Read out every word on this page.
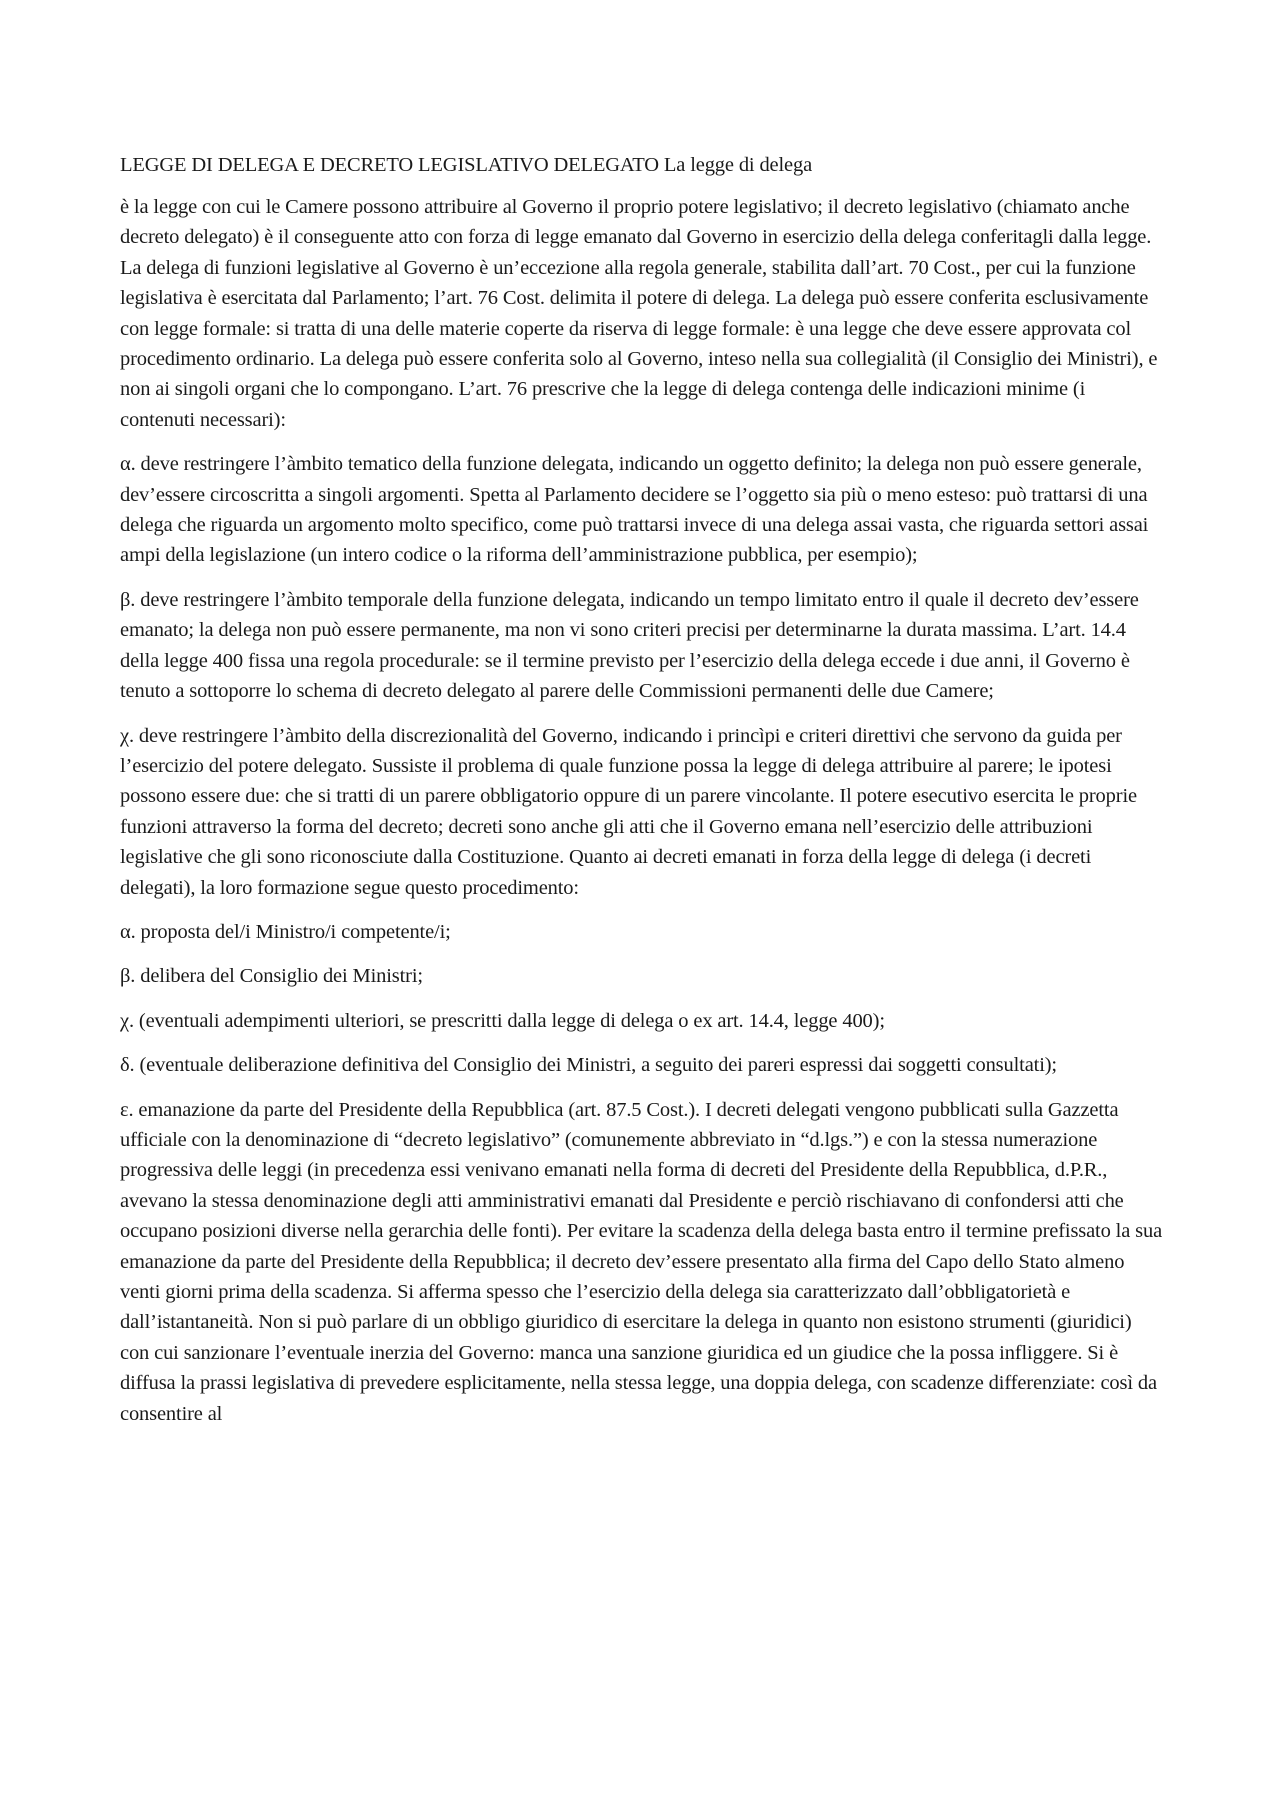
LEGGE DI DELEGA E DECRETO LEGISLATIVO DELEGATO La legge di delega

è la legge con cui le Camere possono attribuire al Governo il proprio potere legislativo; il decreto legislativo (chiamato anche decreto delegato) è il conseguente atto con forza di legge emanato dal Governo in esercizio della delega conferitagli dalla legge. La delega di funzioni legislative al Governo è un’eccezione alla regola generale, stabilita dall’art. 70 Cost., per cui la funzione legislativa è esercitata dal Parlamento; l’art. 76 Cost. delimita il potere di delega. La delega può essere conferita esclusivamente con legge formale: si tratta di una delle materie coperte da riserva di legge formale: è una legge che deve essere approvata col procedimento ordinario. La delega può essere conferita solo al Governo, inteso nella sua collegialità (il Consiglio dei Ministri), e non ai singoli organi che lo compongano. L’art. 76 prescrive che la legge di delega contenga delle indicazioni minime (i contenuti necessari):

α. deve restringere l’àmbito tematico della funzione delegata, indicando un oggetto definito; la delega non può essere generale, dev’essere circoscritta a singoli argomenti. Spetta al Parlamento decidere se l’oggetto sia più o meno esteso: può trattarsi di una delega che riguarda un argomento molto specifico, come può trattarsi invece di una delega assai vasta, che riguarda settori assai ampi della legislazione (un intero codice o la riforma dell’amministrazione pubblica, per esempio);
β. deve restringere l’àmbito temporale della funzione delegata, indicando un tempo limitato entro il quale il decreto dev’essere emanato; la delega non può essere permanente, ma non vi sono criteri precisi per determinarne la durata massima. L’art. 14.4 della legge 400 fissa una regola procedurale: se il termine previsto per l’esercizio della delega eccede i due anni, il Governo è tenuto a sottoporre lo schema di decreto delegato al parere delle Commissioni permanenti delle due Camere;
χ. deve restringere l’àmbito della discrezionalità del Governo, indicando i princìpi e criteri direttivi che servono da guida per l’esercizio del potere delegato. Sussiste il problema di quale funzione possa la legge di delega attribuire al parere; le ipotesi possono essere due: che si tratti di un parere obbligatorio oppure di un parere vincolante. Il potere esecutivo esercita le proprie funzioni attraverso la forma del decreto; decreti sono anche gli atti che il Governo emana nell’esercizio delle attribuzioni legislative che gli sono riconosciute dalla Costituzione. Quanto ai decreti emanati in forza della legge di delega (i decreti delegati), la loro formazione segue questo procedimento:
α. proposta del/i Ministro/i competente/i;
β. delibera del Consiglio dei Ministri;
χ. (eventuali adempimenti ulteriori, se prescritti dalla legge di delega o ex art. 14.4, legge 400);
δ. (eventuale deliberazione definitiva del Consiglio dei Ministri, a seguito dei pareri espressi dai soggetti consultati);
ε. emanazione da parte del Presidente della Repubblica (art. 87.5 Cost.). I decreti delegati vengono pubblicati sulla Gazzetta ufficiale con la denominazione di “decreto legislativo” (comunemente abbreviato in “d.lgs.”) e con la stessa numerazione progressiva delle leggi (in precedenza essi venivano emanati nella forma di decreti del Presidente della Repubblica, d.P.R., avevano la stessa denominazione degli atti amministrativi emanati dal Presidente e perciò rischiavano di confondersi atti che occupano posizioni diverse nella gerarchia delle fonti). Per evitare la scadenza della delega basta entro il termine prefissato la sua emanazione da parte del Presidente della Repubblica; il decreto dev’essere presentato alla firma del Capo dello Stato almeno venti giorni prima della scadenza. Si afferma spesso che l’esercizio della delega sia caratterizzato dall’obbligatorietà e dall’istantaneità. Non si può parlare di un obbligo giuridico di esercitare la delega in quanto non esistono strumenti (giuridici) con cui sanzionare l’eventuale inerzia del Governo: manca una sanzione giuridica ed un giudice che la possa infliggere. Si è diffusa la prassi legislativa di prevedere esplicitamente, nella stessa legge, una doppia delega, con scadenze differenziate: così da consentire al
